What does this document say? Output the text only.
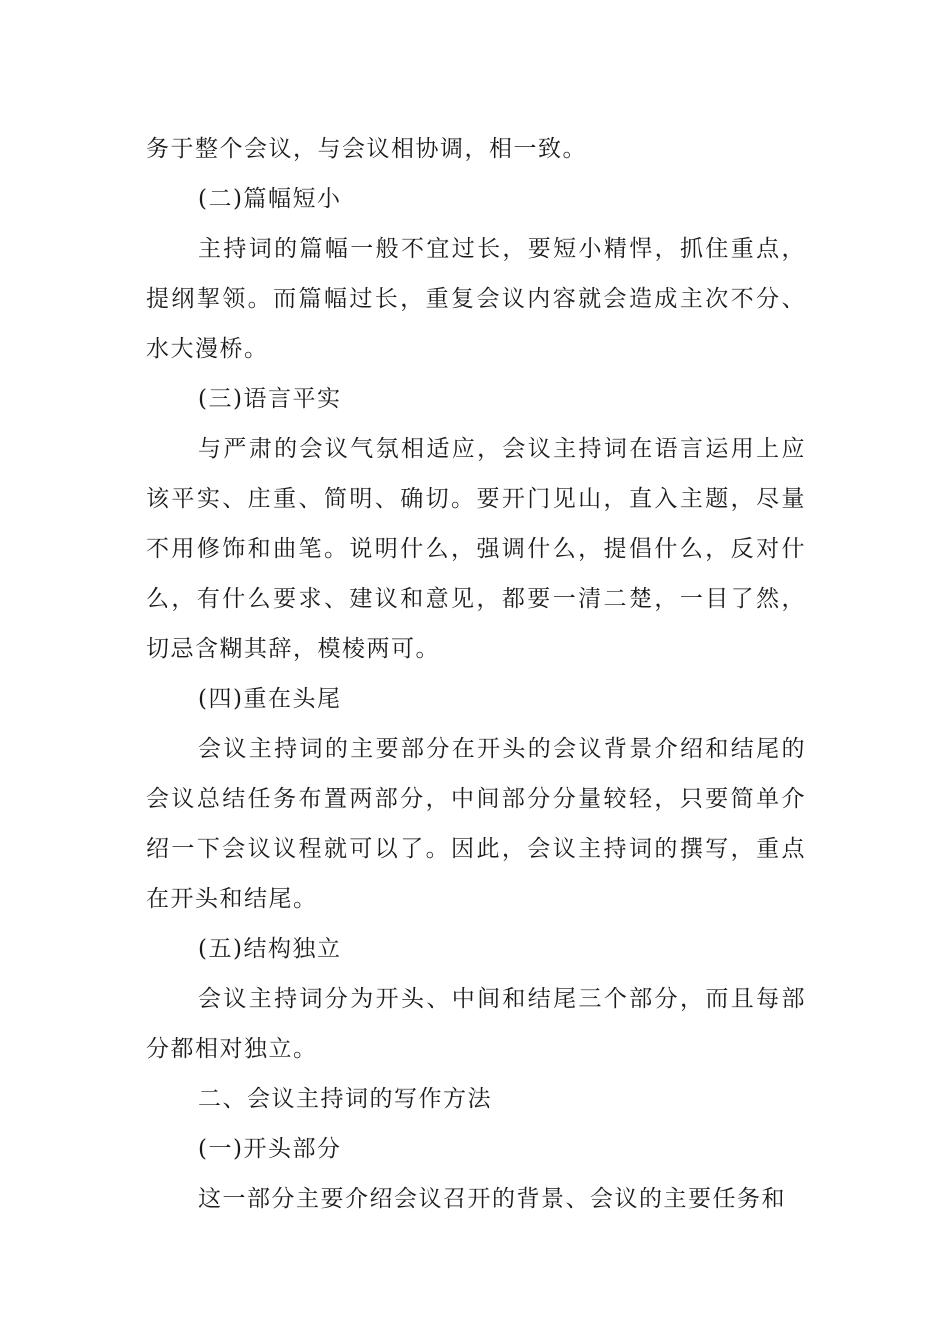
务于整个会议，与会议相协调，相一致。

(二)篇幅短小

主持词的篇幅一般不宜过长，要短小精悍，抓住重点，提纲挈领。而篇幅过长，重复会议内容就会造成主次不分、水大漫桥。

(三)语言平实

与严肃的会议气氛相适应，会议主持词在语言运用上应该平实、庄重、简明、确切。要开门见山，直入主题，尽量不用修饰和曲笔。说明什么，强调什么，提倡什么，反对什么，有什么要求、建议和意见，都要一清二楚，一目了然，切忌含糊其辞，模棱两可。

(四)重在头尾

会议主持词的主要部分在开头的会议背景介绍和结尾的会议总结任务布置两部分，中间部分分量较轻，只要简单介绍一下会议议程就可以了。因此，会议主持词的撰写，重点在开头和结尾。

(五)结构独立

会议主持词分为开头、中间和结尾三个部分，而且每部分都相对独立。

二、会议主持词的写作方法

(一)开头部分

这一部分主要介绍会议召开的背景、会议的主要任务和
